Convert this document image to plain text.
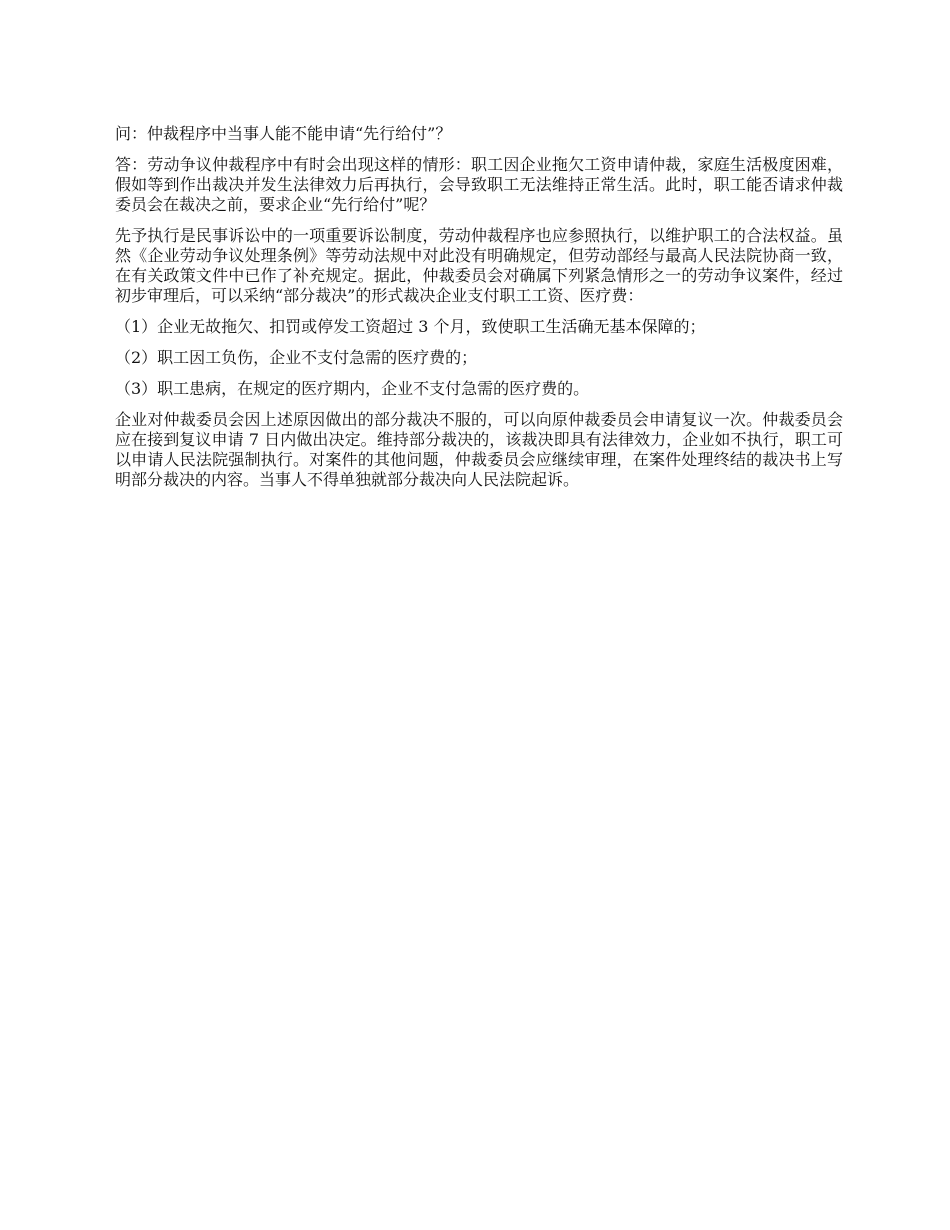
问：仲裁程序中当事人能不能申请“先行给付”？

答：劳动争议仲裁程序中有时会出现这样的情形：职工因企业拖欠工资申请仲裁，家庭生活极度困难，假如等到作出裁决并发生法律效力后再执行，会导致职工无法维持正常生活。此时，职工能否请求仲裁委员会在裁决之前，要求企业“先行给付”呢？

先予执行是民事诉讼中的一项重要诉讼制度，劳动仲裁程序也应参照执行，以维护职工的合法权益。虽然《企业劳动争议处理条例》等劳动法规中对此没有明确规定，但劳动部经与最高人民法院协商一致，在有关政策文件中已作了补充规定。据此，仲裁委员会对确属下列紧急情形之一的劳动争议案件，经过初步审理后，可以采纳“部分裁决”的形式裁决企业支付职工工资、医疗费：

（1）企业无故拖欠、扣罚或停发工资超过 3 个月，致使职工生活确无基本保障的；

（2）职工因工负伤，企业不支付急需的医疗费的；

（3）职工患病，在规定的医疗期内，企业不支付急需的医疗费的。

企业对仲裁委员会因上述原因做出的部分裁决不服的，可以向原仲裁委员会申请复议一次。仲裁委员会应在接到复议申请 7 日内做出决定。维持部分裁决的，该裁决即具有法律效力，企业如不执行，职工可以申请人民法院强制执行。对案件的其他问题，仲裁委员会应继续审理，在案件处理终结的裁决书上写明部分裁决的内容。当事人不得单独就部分裁决向人民法院起诉。
